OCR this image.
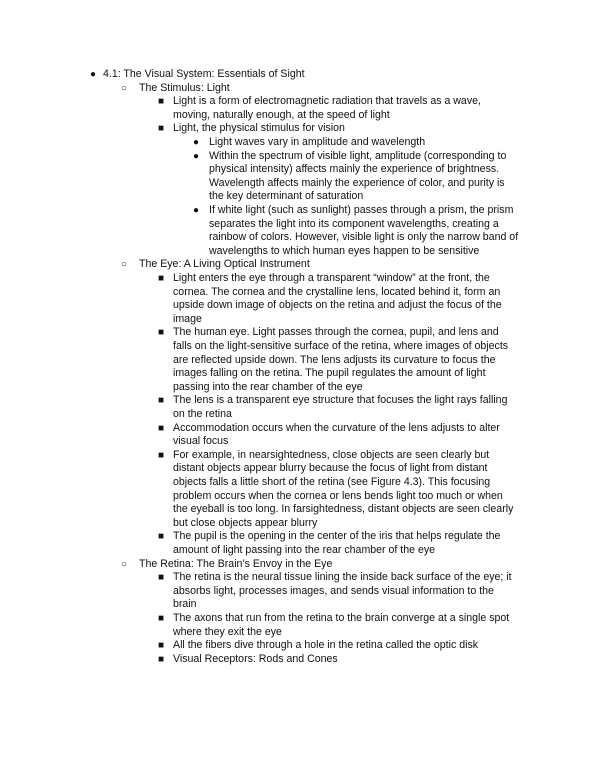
● 4.1: The Visual System: Essentials of Sight
○ The Stimulus: Light
■ Light is a form of electromagnetic radiation that travels as a wave,
moving, naturally enough, at the speed of light
■ Light, the physical stimulus for vision
● Light waves vary in amplitude and wavelength
● Within the spectrum of visible light, amplitude (corresponding to
physical intensity) affects mainly the experience of brightness.
Wavelength affects mainly the experience of color, and purity is
the key determinant of saturation
● If white light (such as sunlight) passes through a prism, the prism
separates the light into its component wavelengths, creating a
rainbow of colors. However, visible light is only the narrow band of
wavelengths to which human eyes happen to be sensitive
○ The Eye: A Living Optical Instrument
■ Light enters the eye through a transparent “window” at the front, the
cornea. The cornea and the crystalline lens, located behind it, form an
upside down image of objects on the retina and adjust the focus of the
image
■ The human eye. Light passes through the cornea, pupil, and lens and
falls on the light-sensitive surface of the retina, where images of objects
are reflected upside down. The lens adjusts its curvature to focus the
images falling on the retina. The pupil regulates the amount of light
passing into the rear chamber of the eye
■ The lens is a transparent eye structure that focuses the light rays falling
on the retina
■ Accommodation occurs when the curvature of the lens adjusts to alter
visual focus
■ For example, in nearsightedness, close objects are seen clearly but
distant objects appear blurry because the focus of light from distant
objects falls a little short of the retina (see Figure 4.3). This focusing
problem occurs when the cornea or lens bends light too much or when
the eyeball is too long. In farsightedness, distant objects are seen clearly
but close objects appear blurry
■ The pupil is the opening in the center of the iris that helps regulate the
amount of light passing into the rear chamber of the eye
○ The Retina: The Brain’s Envoy in the Eye
■ The retina is the neural tissue lining the inside back surface of the eye; it
absorbs light, processes images, and sends visual information to the
brain
■ The axons that run from the retina to the brain converge at a single spot
where they exit the eye
■ All the fibers dive through a hole in the retina called the optic disk
■ Visual Receptors: Rods and Cones
